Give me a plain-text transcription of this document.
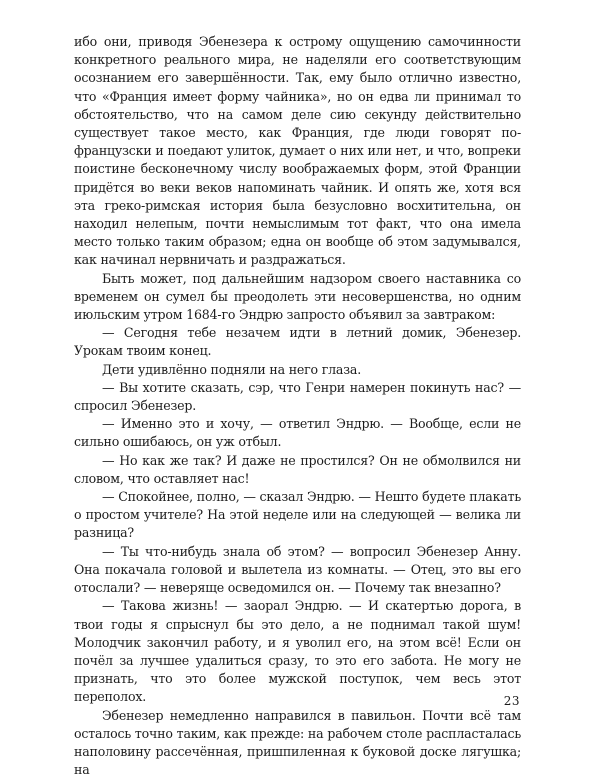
ибо они, приводя Эбенезера к острому ощущению самочинности конкретного реального мира, не наделяли его соответствующим осознанием его завершённости. Так, ему было отлично известно, что «Франция имеет форму чайника», но он едва ли принимал то обстоятельство, что на самом деле сию секунду действительно существует такое место, как Франция, где люди говорят по-французски и поедают улиток, думает о них или нет, и что, вопреки поистине бесконечному числу воображаемых форм, этой Франции придётся во веки веков напоминать чайник. И опять же, хотя вся эта греко-римская история была безусловно восхитительна, он находил нелепым, почти немыслимым тот факт, что она имела место только таким образом; една он вообще об этом задумывался, как начинал нервничать и раздражаться.

Быть может, под дальнейшим надзором своего наставника со временем он сумел бы преодолеть эти несовершенства, но одним июльским утром 1684-го Эндрю запросто объявил за завтраком:

— Сегодня тебе незачем идти в летний домик, Эбенезер. Урокам твоим конец.

Дети удивлённо подняли на него глаза.

— Вы хотите сказать, сэр, что Генри намерен покинуть нас? — спросил Эбенезер.

— Именно это и хочу, — ответил Эндрю. — Вообще, если не сильно ошибаюсь, он уж отбыл.

— Но как же так? И даже не простился? Он не обмолвился ни словом, что оставляет нас!

— Спокойнее, полно, — сказал Эндрю. — Нешто будете плакать о простом учителе? На этой неделе или на следующей — велика ли разница?

— Ты что-нибудь знала об этом? — вопросил Эбенезер Анну. Она покачала головой и вылетела из комнаты. — Отец, это вы его отослали? — неверяще осведомился он. — Почему так внезапно?

— Такова жизнь! — заорал Эндрю. — И скатертью дорога, в твои годы я спрыснул бы это дело, а не поднимал такой шум! Молодчик закончил работу, и я уволил его, на этом всё! Если он почёл за лучшее удалиться сразу, то это его забота. Не могу не признать, что это более мужской поступок, чем весь этот переполох.

Эбенезер немедленно направился в павильон. Почти всё там осталось точно таким, как прежде: на рабочем столе распласталась наполовину рассечённая, пришпиленная к буковой доске лягушка; на

23
